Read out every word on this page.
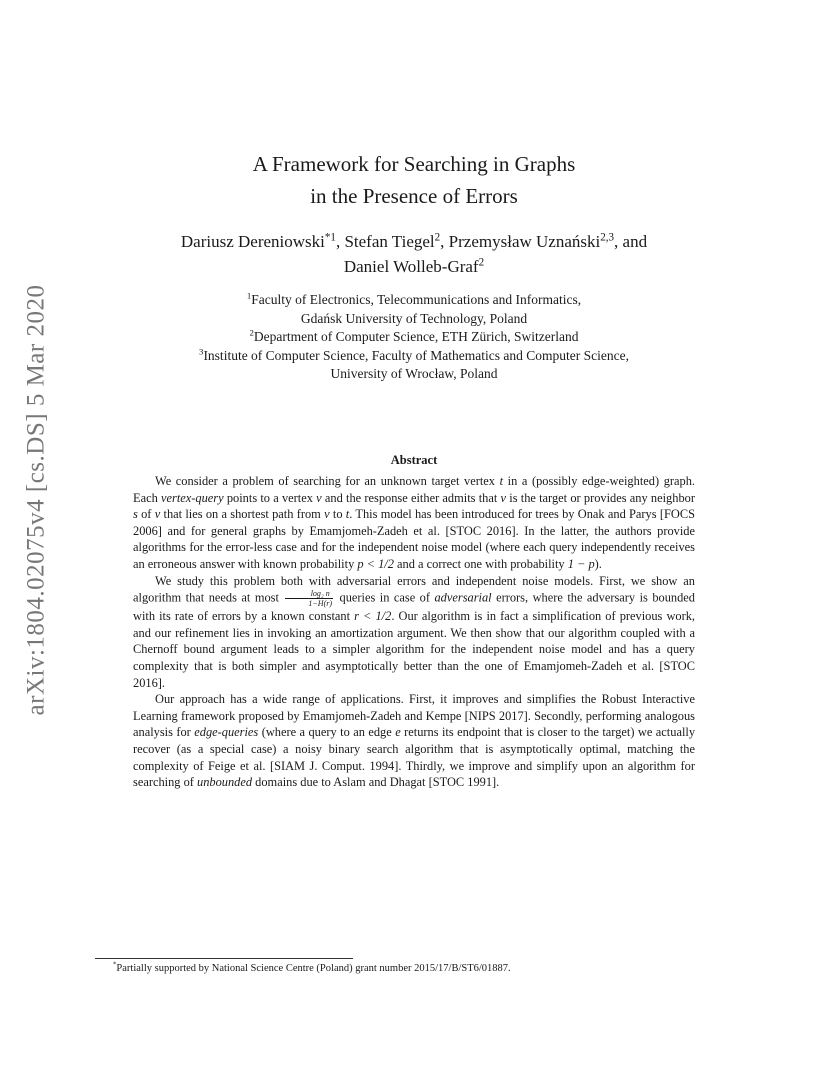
arXiv:1804.02075v4 [cs.DS] 5 Mar 2020
A Framework for Searching in Graphs
in the Presence of Errors
Dariusz Dereniowski$^{*1}$, Stefan Tiegel$^2$, Przemysław Uznański$^{2,3}$, and
Daniel Wolleb-Graf$^2$
$^1$Faculty of Electronics, Telecommunications and Informatics,
Gdańsk University of Technology, Poland
$^2$Department of Computer Science, ETH Zürich, Switzerland
$^3$Institute of Computer Science, Faculty of Mathematics and Computer Science,
University of Wrocław, Poland
Abstract

We consider a problem of searching for an unknown target vertex t in a (possibly edge-weighted) graph. Each vertex-query points to a vertex v and the response either admits that v is the target or provides any neighbor s of v that lies on a shortest path from v to t. This model has been introduced for trees by Onak and Parys [FOCS 2006] and for general graphs by Emamjomeh-Zadeh et al. [STOC 2016]. In the latter, the authors provide algorithms for the error-less case and for the independent noise model (where each query independently receives an erroneous answer with known probability p < 1/2 and a correct one with probability 1 − p).

We study this problem both with adversarial errors and independent noise models. First, we show an algorithm that needs at most $\frac{\text{log₂ n}}{1-H(r)}$ queries in case of adversarial errors, where the adversary is bounded with its rate of errors by a known constant r < 1/2. Our algorithm is in fact a simplification of previous work, and our refinement lies in invoking an amortization argument. We then show that our algorithm coupled with a Chernoff bound argument leads to a simpler algorithm for the independent noise model and has a query complexity that is both simpler and asymptotically better than the one of Emamjomeh-Zadeh et al. [STOC 2016].

Our approach has a wide range of applications. First, it improves and simplifies the Robust Interactive Learning framework proposed by Emamjomeh-Zadeh and Kempe [NIPS 2017]. Secondly, performing analogous analysis for edge-queries (where a query to an edge e returns its endpoint that is closer to the target) we actually recover (as a special case) a noisy binary search algorithm that is asymptotically optimal, matching the complexity of Feige et al. [SIAM J. Comput. 1994]. Thirdly, we improve and simplify upon an algorithm for searching of unbounded domains due to Aslam and Dhagat [STOC 1991].

*Partially supported by National Science Centre (Poland) grant number 2015/17/B/ST6/01887.
